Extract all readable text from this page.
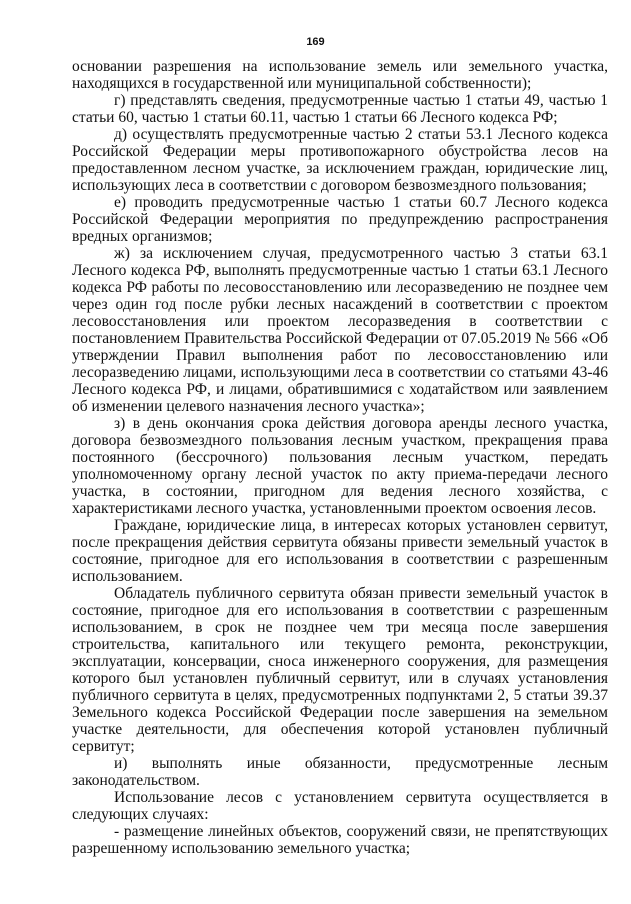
169

основании разрешения на использование земель или земельного участка, находящихся в государственной или муниципальной собственности);

г) представлять сведения, предусмотренные частью 1 статьи 49, частью 1 статьи 60, частью 1 статьи 60.11, частью 1 статьи 66 Лесного кодекса РФ;

д) осуществлять предусмотренные частью 2 статьи 53.1 Лесного кодекса Российской Федерации меры противопожарного обустройства лесов на предоставленном лесном участке, за исключением граждан, юридические лиц, использующих леса в соответствии с договором безвозмездного пользования;

е) проводить предусмотренные частью 1 статьи 60.7 Лесного кодекса Российской Федерации мероприятия по предупреждению распространения вредных организмов;

ж) за исключением случая, предусмотренного частью 3 статьи 63.1 Лесного кодекса РФ, выполнять предусмотренные частью 1 статьи 63.1 Лесного кодекса РФ работы по лесовосстановлению или лесоразведению не позднее чем через один год после рубки лесных насаждений в соответствии с проектом лесовосстановления или проектом лесоразведения в соответствии с постановлением Правительства Российской Федерации от 07.05.2019 № 566 «Об утверждении Правил выполнения работ по лесовосстановлению или лесоразведению лицами, использующими леса в соответствии со статьями 43-46 Лесного кодекса РФ, и лицами, обратившимися с ходатайством или заявлением об изменении целевого назначения лесного участка»;

з) в день окончания срока действия договора аренды лесного участка, договора безвозмездного пользования лесным участком, прекращения права постоянного (бессрочного) пользования лесным участком, передать уполномоченному органу лесной участок по акту приема-передачи лесного участка, в состоянии, пригодном для ведения лесного хозяйства, с характеристиками лесного участка, установленными проектом освоения лесов.

Граждане, юридические лица, в интересах которых установлен сервитут, после прекращения действия сервитута обязаны привести земельный участок в состояние, пригодное для его использования в соответствии с разрешенным использованием.

Обладатель публичного сервитута обязан привести земельный участок в состояние, пригодное для его использования в соответствии с разрешенным использованием, в срок не позднее чем три месяца после завершения строительства, капитального или текущего ремонта, реконструкции, эксплуатации, консервации, сноса инженерного сооружения, для размещения которого был установлен публичный сервитут, или в случаях установления публичного сервитута в целях, предусмотренных подпунктами 2, 5 статьи 39.37 Земельного кодекса Российской Федерации после завершения на земельном участке деятельности, для обеспечения которой установлен публичный сервитут;

и) выполнять иные обязанности, предусмотренные лесным законодательством.

Использование лесов с установлением сервитута осуществляется в следующих случаях:

- размещение линейных объектов, сооружений связи, не препятствующих разрешенному использованию земельного участка;
